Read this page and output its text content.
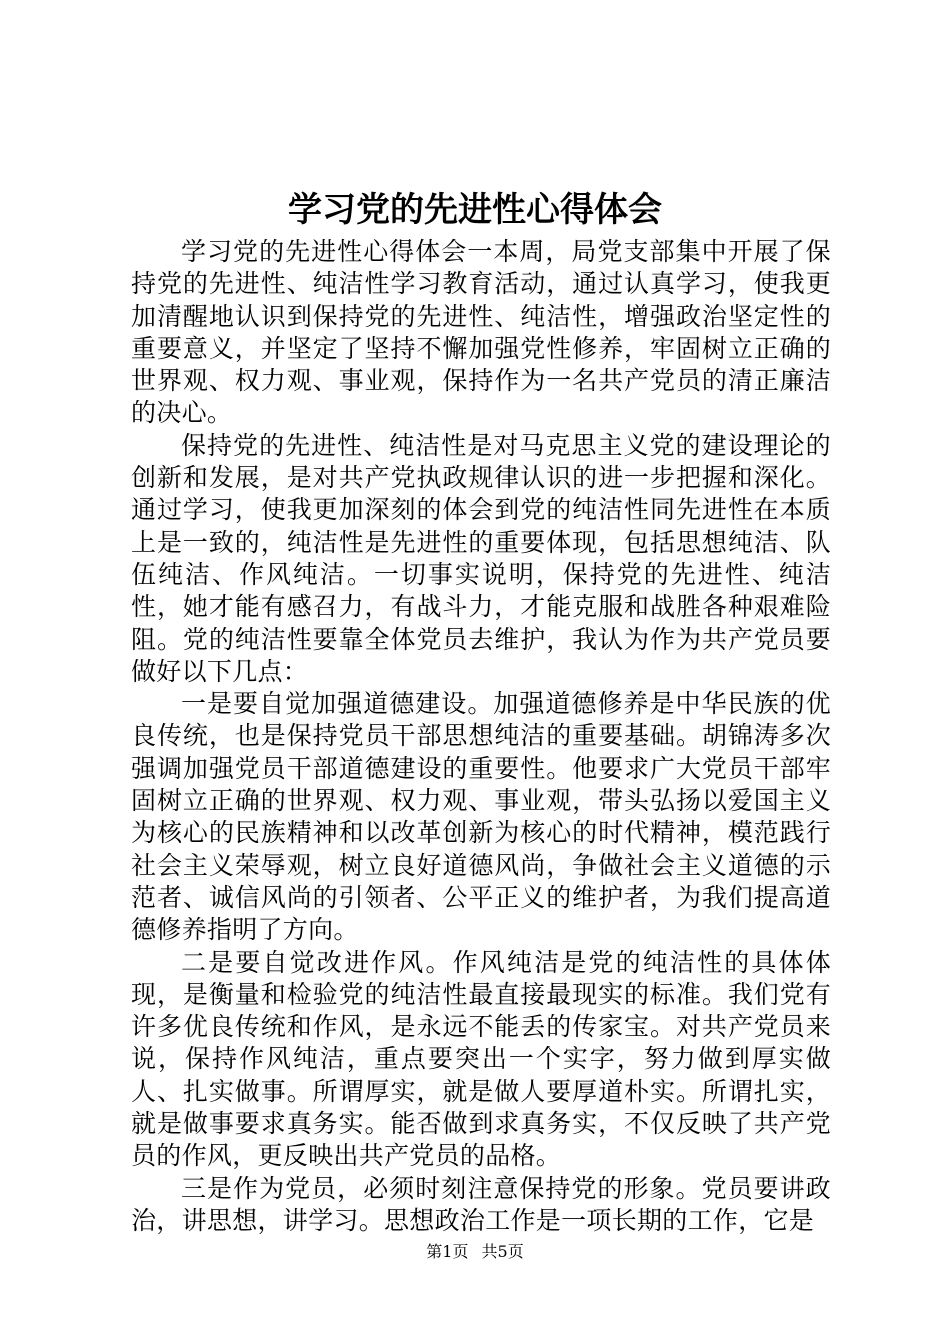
学习党的先进性心得体会

学习党的先进性心得体会一本周，局党支部集中开展了保持党的先进性、纯洁性学习教育活动，通过认真学习，使我更加清醒地认识到保持党的先进性、纯洁性，增强政治坚定性的重要意义，并坚定了坚持不懈加强党性修养，牢固树立正确的世界观、权力观、事业观，保持作为一名共产党员的清正廉洁的决心。

保持党的先进性、纯洁性是对马克思主义党的建设理论的创新和发展，是对共产党执政规律认识的进一步把握和深化。通过学习，使我更加深刻的体会到党的纯洁性同先进性在本质上是一致的，纯洁性是先进性的重要体现，包括思想纯洁、队伍纯洁、作风纯洁。一切事实说明，保持党的先进性、纯洁性，她才能有感召力，有战斗力，才能克服和战胜各种艰难险阻。党的纯洁性要靠全体党员去维护，我认为作为共产党员要做好以下几点：

一是要自觉加强道德建设。加强道德修养是中华民族的优良传统，也是保持党员干部思想纯洁的重要基础。胡锦涛多次强调加强党员干部道德建设的重要性。他要求广大党员干部牢固树立正确的世界观、权力观、事业观，带头弘扬以爱国主义为核心的民族精神和以改革创新为核心的时代精神，模范践行社会主义荣辱观，树立良好道德风尚，争做社会主义道德的示范者、诚信风尚的引领者、公平正义的维护者，为我们提高道德修养指明了方向。

二是要自觉改进作风。作风纯洁是党的纯洁性的具体体现，是衡量和检验党的纯洁性最直接最现实的标准。我们党有许多优良传统和作风，是永远不能丢的传家宝。对共产党员来说，保持作风纯洁，重点要突出一个实字，努力做到厚实做人、扎实做事。所谓厚实，就是做人要厚道朴实。所谓扎实，就是做事要求真务实。能否做到求真务实，不仅反映了共产党员的作风，更反映出共产党员的品格。

三是作为党员，必须时刻注意保持党的形象。党员要讲政治，讲思想，讲学习。思想政治工作是一项长期的工作，它是

第1页 共5页
